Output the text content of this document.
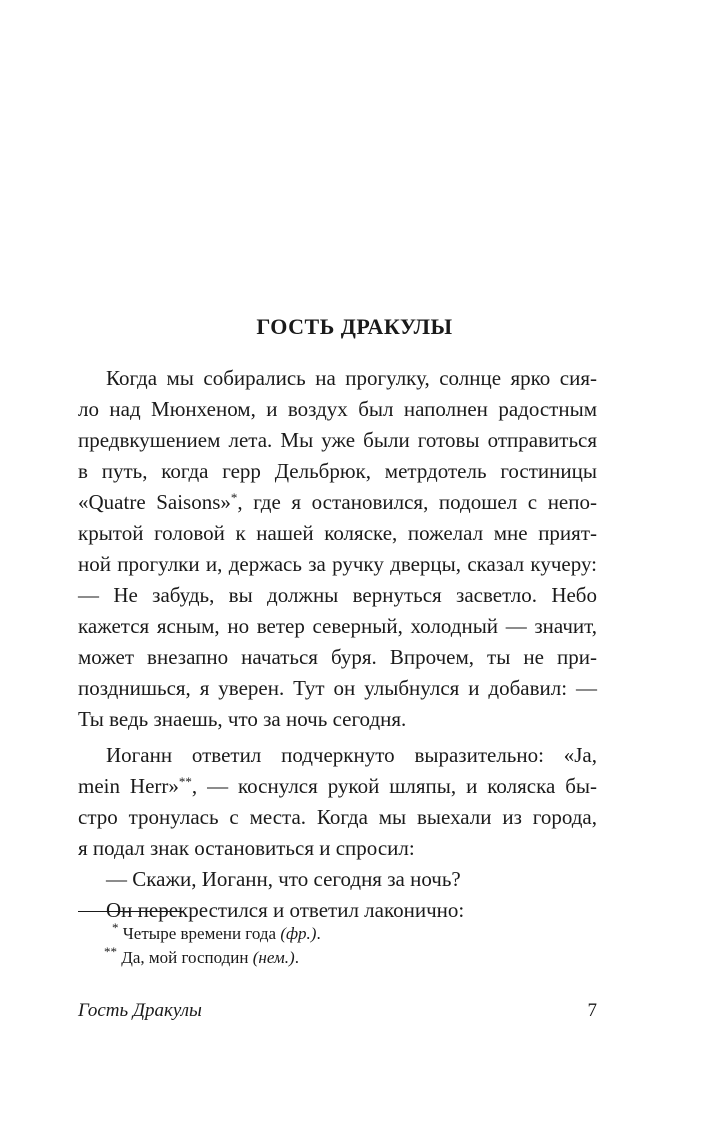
ГОСТЬ ДРАКУЛЫ
Когда мы собирались на прогулку, солнце ярко сия-
ло над Мюнхеном, и воздух был наполнен радостным
предвкушением лета. Мы уже были готовы отправиться
в путь, когда герр Дельбрюк, метрдотель гостиницы
«Quatre Saisons»*, где я остановился, подошел с непо-
крытой головой к нашей коляске, пожелал мне прият-
ной прогулки и, держась за ручку дверцы, сказал кучеру:
— Не забудь, вы должны вернуться засветло. Небо
кажется ясным, но ветер северный, холодный — значит,
может внезапно начаться буря. Впрочем, ты не при-
позднишься, я уверен. Тут он улыбнулся и добавил: —
Ты ведь знаешь, что за ночь сегодня.
Иоганн ответил подчеркнуто выразительно: «Ja,
mein Herr»**, — коснулся рукой шляпы, и коляска бы-
стро тронулась с места. Когда мы выехали из города,
я подал знак остановиться и спросил:
— Скажи, Иоганн, что сегодня за ночь?
Он перекрестился и ответил лаконично:
* Четыре времени года (фр.).
** Да, мой господин (нем.).
Гость Дракулы	7
